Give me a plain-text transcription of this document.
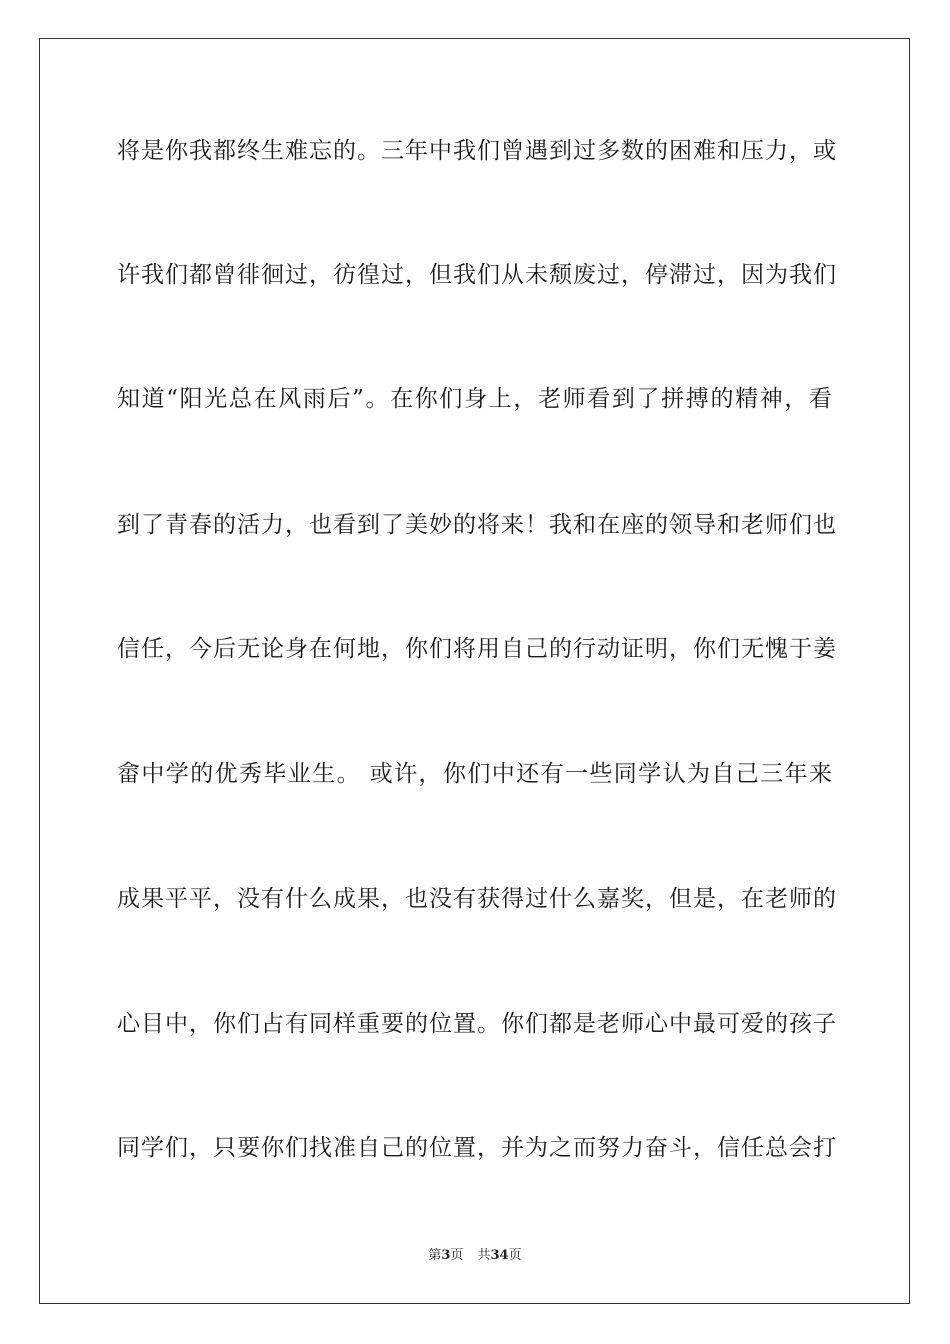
将是你我都终生难忘的。三年中我们曾遇到过多数的困难和压力，或
许我们都曾徘徊过，彷徨过，但我们从未颓废过，停滞过，因为我们
知道“阳光总在风雨后”。在你们身上，老师看到了拼搏的精神，看
到了青春的活力，也看到了美妙的将来！我和在座的领导和老师们也
信任，今后无论身在何地，你们将用自己的行动证明，你们无愧于姜
畲中学的优秀毕业生。 或许，你们中还有一些同学认为自己三年来
成果平平，没有什么成果，也没有获得过什么嘉奖，但是，在老师的
心目中，你们占有同样重要的位置。你们都是老师心中最可爱的孩子
同学们，只要你们找准自己的位置，并为之而努力奋斗，信任总会打
第3页 共34页
